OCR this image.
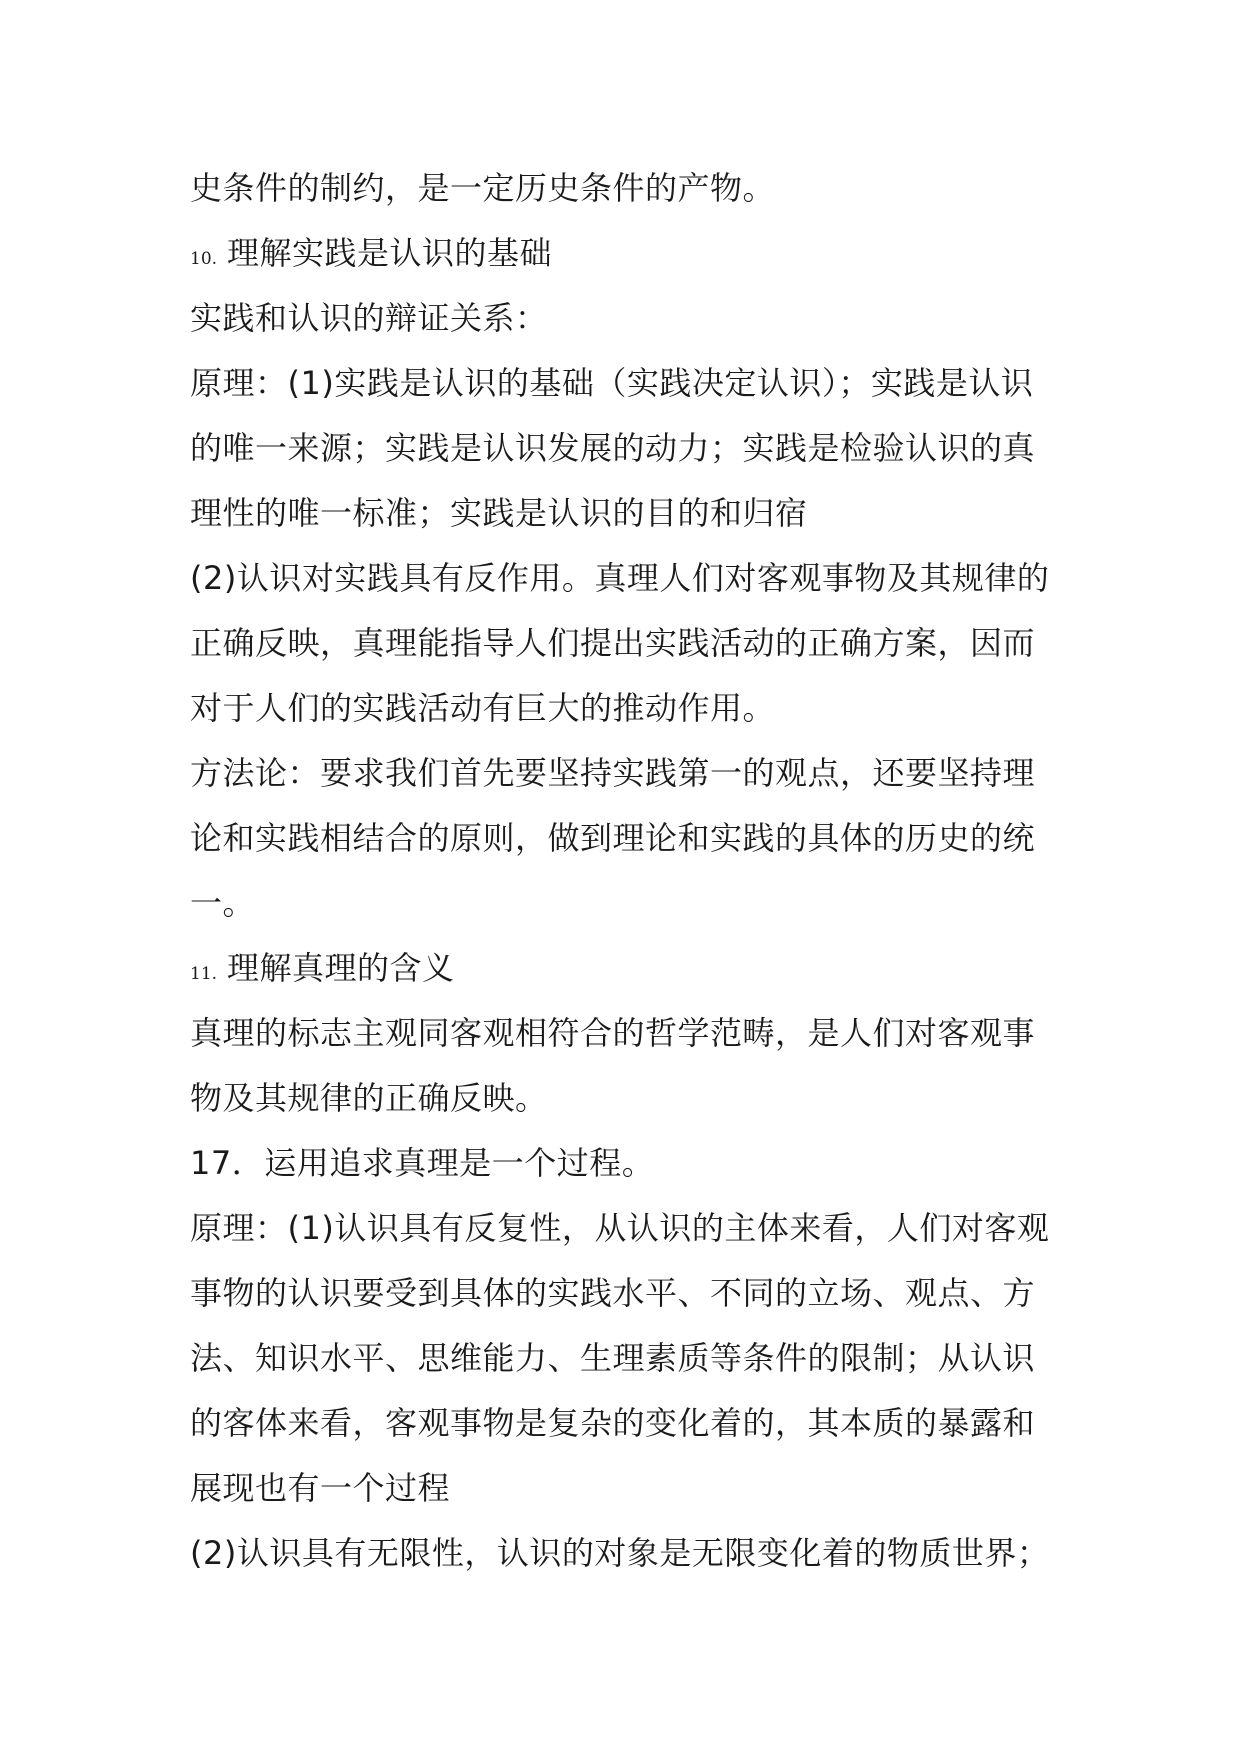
史条件的制约，是一定历史条件的产物。
10. 理解实践是认识的基础
实践和认识的辩证关系：
原理：(1)实践是认识的基础（实践决定认识）；实践是认识
的唯一来源；实践是认识发展的动力；实践是检验认识的真
理性的唯一标准；实践是认识的目的和归宿
(2)认识对实践具有反作用。真理人们对客观事物及其规律的
正确反映，真理能指导人们提出实践活动的正确方案，因而
对于人们的实践活动有巨大的推动作用。
方法论：要求我们首先要坚持实践第一的观点，还要坚持理
论和实践相结合的原则，做到理论和实践的具体的历史的统
一。
11. 理解真理的含义
真理的标志主观同客观相符合的哲学范畴，是人们对客观事
物及其规律的正确反映。
17．运用追求真理是一个过程。
原理：(1)认识具有反复性，从认识的主体来看，人们对客观
事物的认识要受到具体的实践水平、不同的立场、观点、方
法、知识水平、思维能力、生理素质等条件的限制；从认识
的客体来看，客观事物是复杂的变化着的，其本质的暴露和
展现也有一个过程
(2)认识具有无限性，认识的对象是无限变化着的物质世界；
